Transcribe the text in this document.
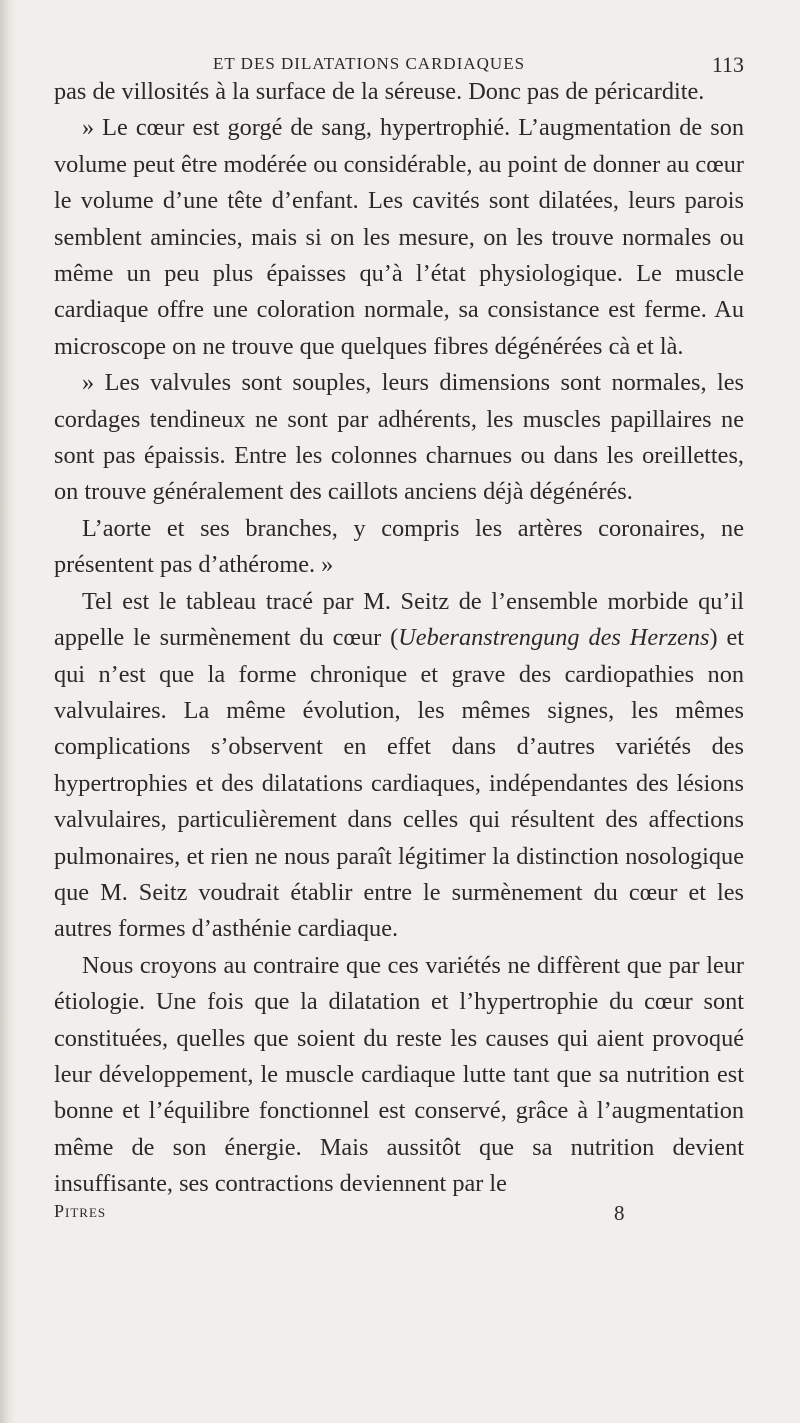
ET DES DILATATIONS CARDIAQUES	113

pas de villosités à la surface de la séreuse. Donc pas de péricardite.

» Le cœur est gorgé de sang, hypertrophié. L’augmentation de son volume peut être modérée ou considérable, au point de donner au cœur le volume d’une tête d’enfant. Les cavités sont dilatées, leurs parois semblent amincies, mais si on les mesure, on les trouve normales ou même un peu plus épaisses qu’à l’état physiologique. Le muscle cardiaque offre une coloration normale, sa consistance est ferme. Au microscope on ne trouve que quelques fibres dégénérées cà et là.

» Les valvules sont souples, leurs dimensions sont normales, les cordages tendineux ne sont par adhérents, les muscles papillaires ne sont pas épaissis. Entre les colonnes charnues ou dans les oreillettes, on trouve généralement des caillots anciens déjà dégénérés.

L’aorte et ses branches, y compris les artères coronaires, ne présentent pas d’athérome. »

Tel est le tableau tracé par M. Seitz de l’ensemble morbide qu’il appelle le surmènement du cœur (Ueberanstrengung des Herzens) et qui n’est que la forme chronique et grave des cardiopathies non valvulaires. La même évolution, les mêmes signes, les mêmes complications s’observent en effet dans d’autres variétés des hypertrophies et des dilatations cardiaques, indépendantes des lésions valvulaires, particulièrement dans celles qui résultent des affections pulmonaires, et rien ne nous paraît légitimer la distinction nosologique que M. Seitz voudrait établir entre le surmènement du cœur et les autres formes d’asthénie cardiaque.

Nous croyons au contraire que ces variétés ne diffèrent que par leur étiologie. Une fois que la dilatation et l’hypertrophie du cœur sont constituées, quelles que soient du reste les causes qui aient provoqué leur développement, le muscle cardiaque lutte tant que sa nutrition est bonne et l’équilibre fonctionnel est conservé, grâce à l’augmentation même de son énergie. Mais aussitôt que sa nutrition devient insuffisante, ses contractions deviennent par le

Pitres	8
